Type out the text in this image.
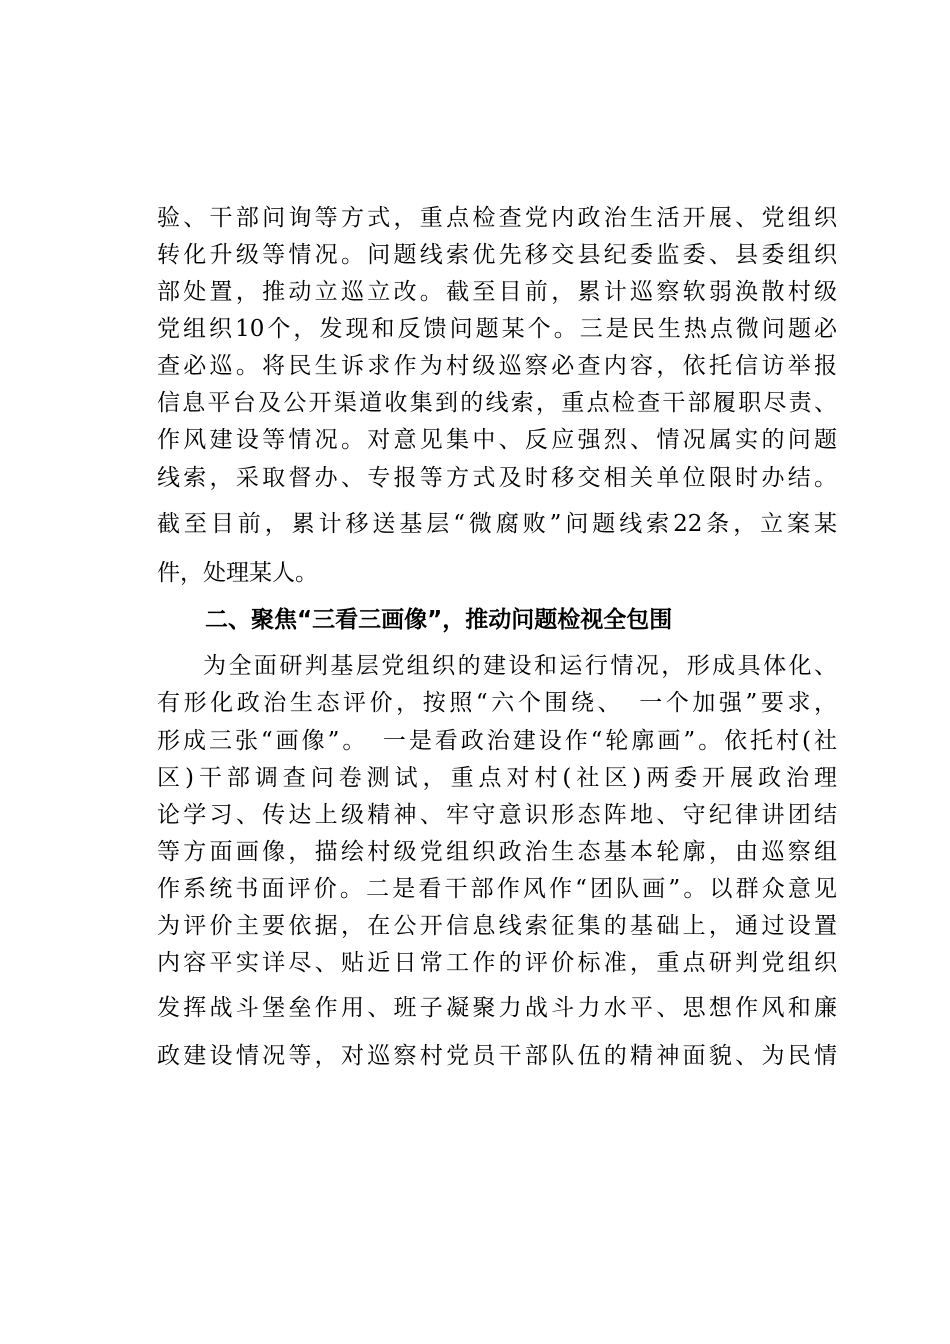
验、干部问询等方式，重点检查党内政治生活开展、党组织
转化升级等情况。问题线索优先移交县纪委监委、县委组织
部处置，推动立巡立改。截至目前，累计巡察软弱涣散村级
党组织10个，发现和反馈问题某个。三是民生热点微问题必
查必巡。将民生诉求作为村级巡察必查内容，依托信访举报
信息平台及公开渠道收集到的线索，重点检查干部履职尽责、
作风建设等情况。对意见集中、反应强烈、情况属实的问题
线索，采取督办、专报等方式及时移交相关单位限时办结。
截至目前，累计移送基层“微腐败”问题线索22条，立案某
件，处理某人。
二、聚焦“三看三画像”，推动问题检视全包围
为全面研判基层党组织的建设和运行情况，形成具体化、
有形化政治生态评价，按照“六个围绕、　一个加强”要求，
形成三张“画像”。　一是看政治建设作“轮廓画”。依托村(社
区)干部调查问卷测试，重点对村(社区)两委开展政治理
论学习、传达上级精神、牢守意识形态阵地、守纪律讲团结
等方面画像，描绘村级党组织政治生态基本轮廓，由巡察组
作系统书面评价。二是看干部作风作“团队画”。以群众意见
为评价主要依据，在公开信息线索征集的基础上，通过设置
内容平实详尽、贴近日常工作的评价标准，重点研判党组织
发挥战斗堡垒作用、班子凝聚力战斗力水平、思想作风和廉
政建设情况等，对巡察村党员干部队伍的精神面貌、为民情
